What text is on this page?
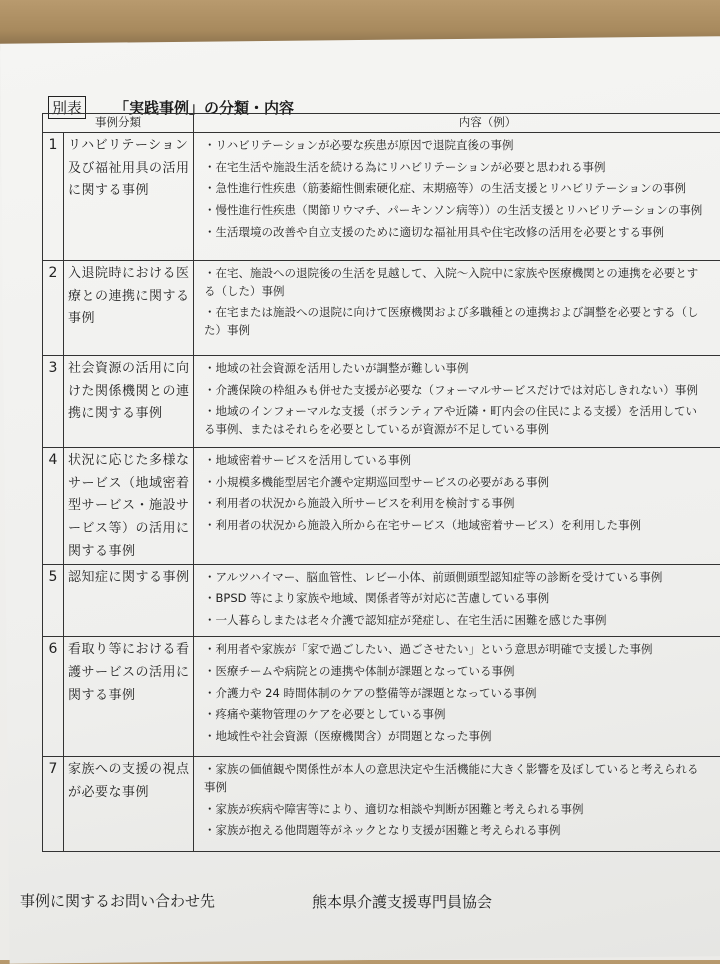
別表 「実践事例」の分類・内容
事例分類		内容（例）
1	リハビリテーション及び福祉用具の活用に関する事例	・リハビリテーションが必要な疾患が原因で退院直後の事例
・在宅生活や施設生活を続ける為にリハビリテーションが必要と思われる事例
・急性進行性疾患（筋萎縮性側索硬化症、末期癌等）の生活支援とリハビリテーションの事例
・慢性進行性疾患（関節リウマチ、パーキンソン病等））の生活支援とリハビリテーションの事例
・生活環境の改善や自立支援のために適切な福祉用具や住宅改修の活用を必要とする事例

2	入退院時における医療との連携に関する事例	・在宅、施設への退院後の生活を見越して、入院～入院中に家族や医療機関との連携を必要とする（した）事例
・在宅または施設への退院に向けて医療機関および多職種との連携および調整を必要とする（した）事例

3	社会資源の活用に向けた関係機関との連携に関する事例	・地域の社会資源を活用したいが調整が難しい事例
・介護保険の枠組みも併せた支援が必要な（フォーマルサービスだけでは対応しきれない）事例
・地域のインフォーマルな支援（ボランティアや近隣・町内会の住民による支援）を活用している事例、またはそれらを必要としているが資源が不足している事例

4	状況に応じた多様なサービス（地域密着型サービス・施設サービス等）の活用に関する事例	・地域密着サービスを活用している事例
・小規模多機能型居宅介護や定期巡回型サービスの必要がある事例
・利用者の状況から施設入所サービスを利用を検討する事例
・利用者の状況から施設入所から在宅サービス（地域密着サービス）を利用した事例

5	認知症に関する事例	・アルツハイマー、脳血管性、レビー小体、前頭側頭型認知症等の診断を受けている事例
・BPSD 等により家族や地域、関係者等が対応に苦慮している事例
・一人暮らしまたは老々介護で認知症が発症し、在宅生活に困難を感じた事例

6	看取り等における看護サービスの活用に関する事例	・利用者や家族が「家で過ごしたい、過ごさせたい」という意思が明確で支援した事例
・医療チームや病院との連携や体制が課題となっている事例
・介護力や 24 時間体制のケアの整備等が課題となっている事例
・疼痛や薬物管理のケアを必要としている事例
・地域性や社会資源（医療機関含）が問題となった事例

7	家族への支援の視点が必要な事例	・家族の価値観や関係性が本人の意思決定や生活機能に大きく影響を及ぼしていると考えられる事例
・家族が疾病や障害等により、適切な相談や判断が困難と考えられる事例
・家族が抱える他問題等がネックとなり支援が困難と考えられる事例
事例に関するお問い合わせ先	熊本県介護支援専門員協会
